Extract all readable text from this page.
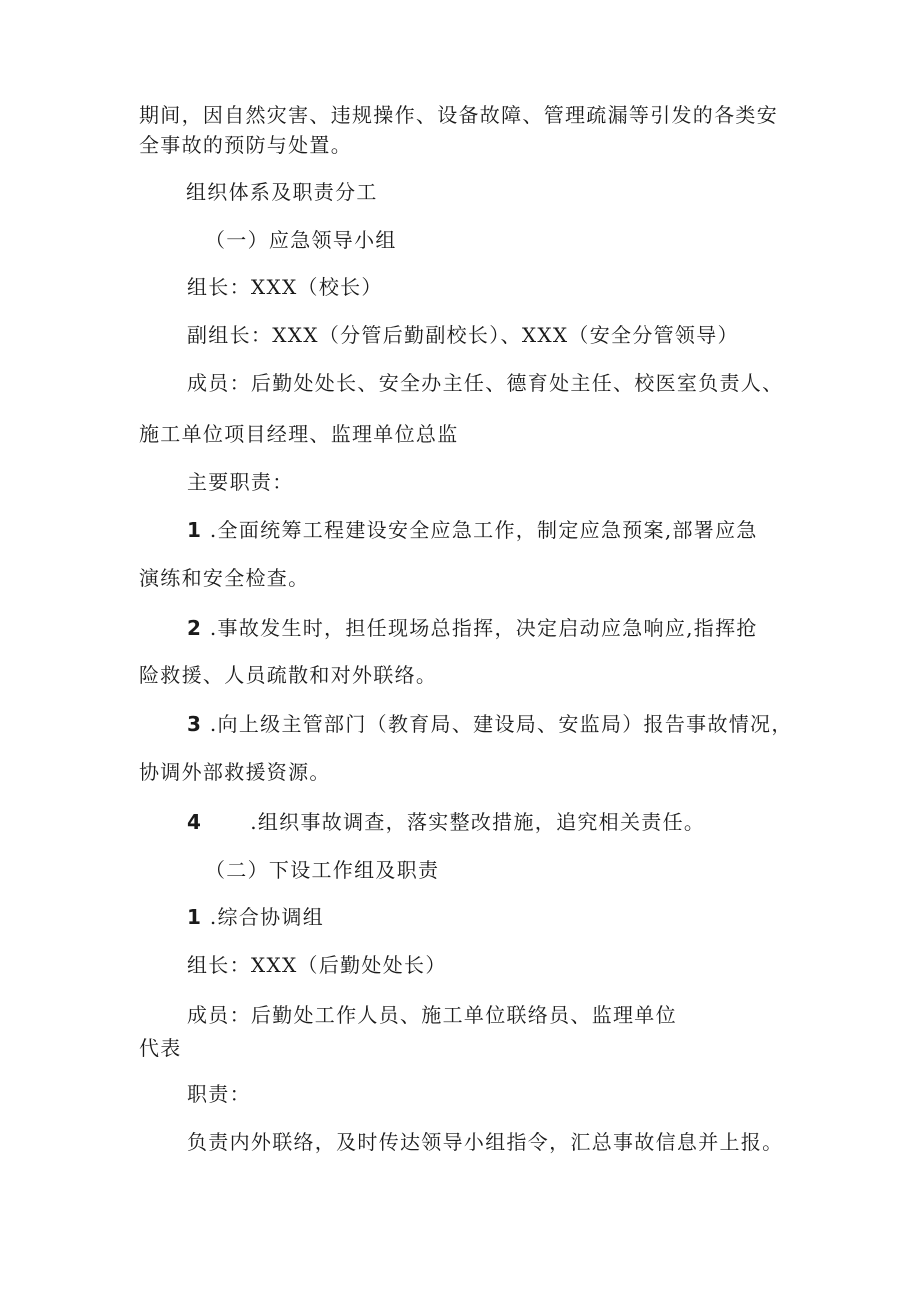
期间，因自然灾害、违规操作、设备故障、管理疏漏等引发的各类安
全事故的预防与处置。
组织体系及职责分工
（一）应急领导小组
组长：XXX（校长）
副组长：XXX（分管后勤副校长）、XXX（安全分管领导）
成员：后勤处处长、安全办主任、德育处主任、校医室负责人、
施工单位项目经理、监理单位总监
主要职责：
1 .全面统筹工程建设安全应急工作，制定应急预案,部署应急
演练和安全检查。
2 .事故发生时，担任现场总指挥，决定启动应急响应,指挥抢
险救援、人员疏散和对外联络。
3 .向上级主管部门（教育局、建设局、安监局）报告事故情况，
协调外部救援资源。
4 .组织事故调查，落实整改措施，追究相关责任。
（二）下设工作组及职责
1 .综合协调组
组长：XXX（后勤处处长）
成员：后勤处工作人员、施工单位联络员、监理单位
代表
职责：
负责内外联络，及时传达领导小组指令，汇总事故信息并上报。
